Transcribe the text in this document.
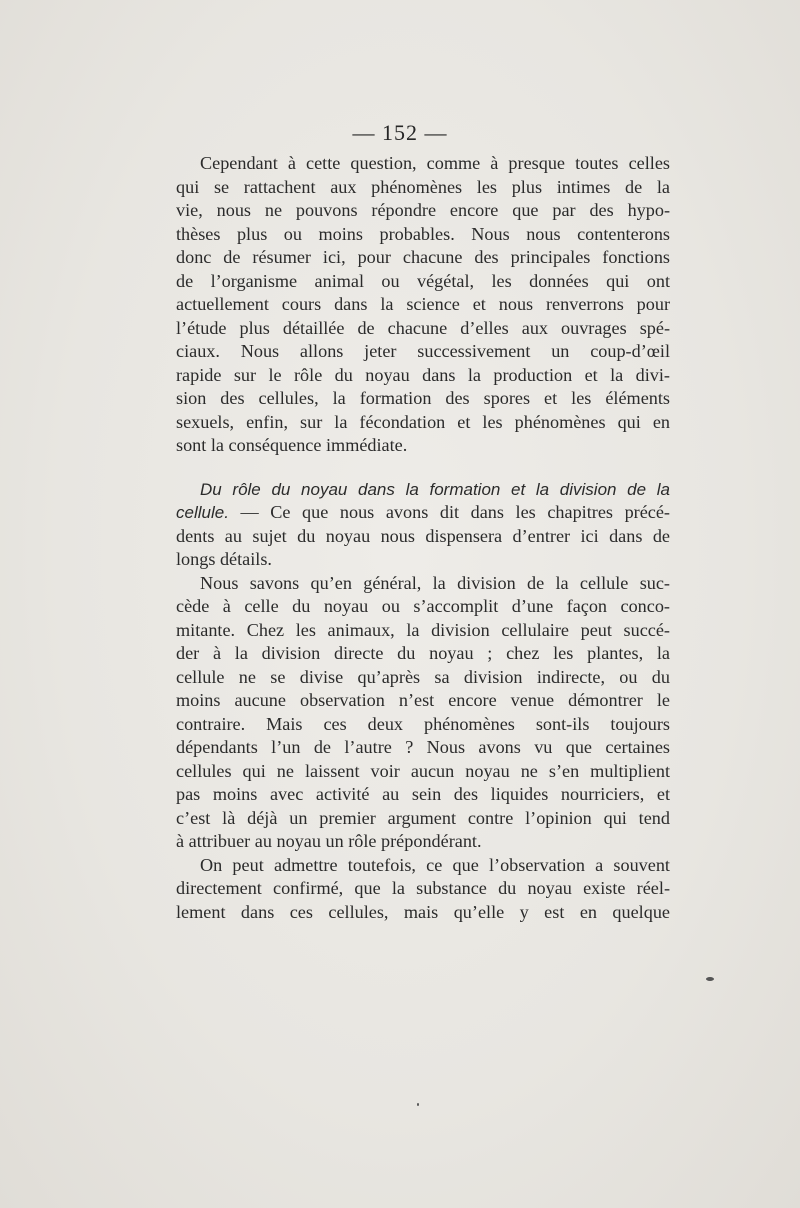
— 152 —
Cependant à cette question, comme à presque toutes celles
qui se rattachent aux phénomènes les plus intimes de la
vie, nous ne pouvons répondre encore que par des hypo-
thèses plus ou moins probables. Nous nous contenterons
donc de résumer ici, pour chacune des principales fonctions
de l’organisme animal ou végétal, les données qui ont
actuellement cours dans la science et nous renverrons pour
l’étude plus détaillée de chacune d’elles aux ouvrages spé-
ciaux. Nous allons jeter successivement un coup-d’œil
rapide sur le rôle du noyau dans la production et la divi-
sion des cellules, la formation des spores et les éléments
sexuels, enfin, sur la fécondation et les phénomènes qui en
sont la conséquence immédiate.
Du rôle du noyau dans la formation et la division de la
cellule. — Ce que nous avons dit dans les chapitres précé-
dents au sujet du noyau nous dispensera d’entrer ici dans de
longs détails.
Nous savons qu’en général, la division de la cellule suc-
cède à celle du noyau ou s’accomplit d’une façon conco-
mitante. Chez les animaux, la division cellulaire peut succé-
der à la division directe du noyau ; chez les plantes, la
cellule ne se divise qu’après sa division indirecte, ou du
moins aucune observation n’est encore venue démontrer le
contraire. Mais ces deux phénomènes sont-ils toujours
dépendants l’un de l’autre ? Nous avons vu que certaines
cellules qui ne laissent voir aucun noyau ne s’en multiplient
pas moins avec activité au sein des liquides nourriciers, et
c’est là déjà un premier argument contre l’opinion qui tend
à attribuer au noyau un rôle prépondérant.
On peut admettre toutefois, ce que l’observation a souvent
directement confirmé, que la substance du noyau existe réel-
lement dans ces cellules, mais qu’elle y est en quelque
